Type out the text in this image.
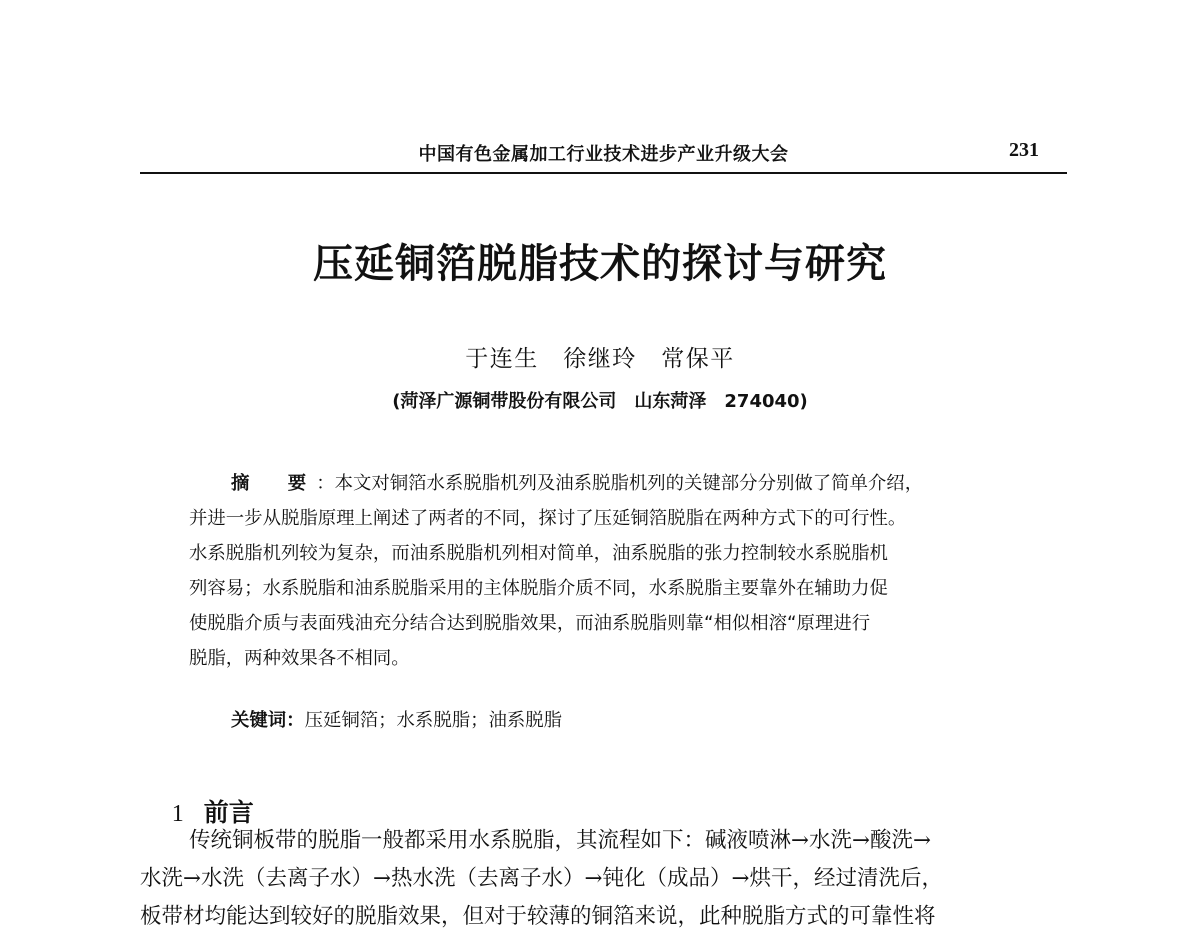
中国有色金属加工行业技术进步产业升级大会	231
压延铜箔脱脂技术的探讨与研究
于连生　徐继玲　常保平
(菏泽广源铜带股份有限公司　山东菏泽　274040)
摘　要：本文对铜箔水系脱脂机列及油系脱脂机列的关键部分分别做了简单介绍，
并进一步从脱脂原理上阐述了两者的不同，探讨了压延铜箔脱脂在两种方式下的可行性。
水系脱脂机列较为复杂，而油系脱脂机列相对简单，油系脱脂的张力控制较水系脱脂机
列容易；水系脱脂和油系脱脂采用的主体脱脂介质不同，水系脱脂主要靠外在辅助力促
使脱脂介质与表面残油充分结合达到脱脂效果，而油系脱脂则靠“相似相溶“原理进行
脱脂，两种效果各不相同。
关键词：压延铜箔；水系脱脂；油系脱脂

1 前言

传统铜板带的脱脂一般都采用水系脱脂，其流程如下：碱液喷淋→水洗→酸洗→
水洗→水洗（去离子水）→热水洗（去离子水）→钝化（成品）→烘干，经过清洗后，
板带材均能达到较好的脱脂效果，但对于较薄的铜箔来说，此种脱脂方式的可靠性将
